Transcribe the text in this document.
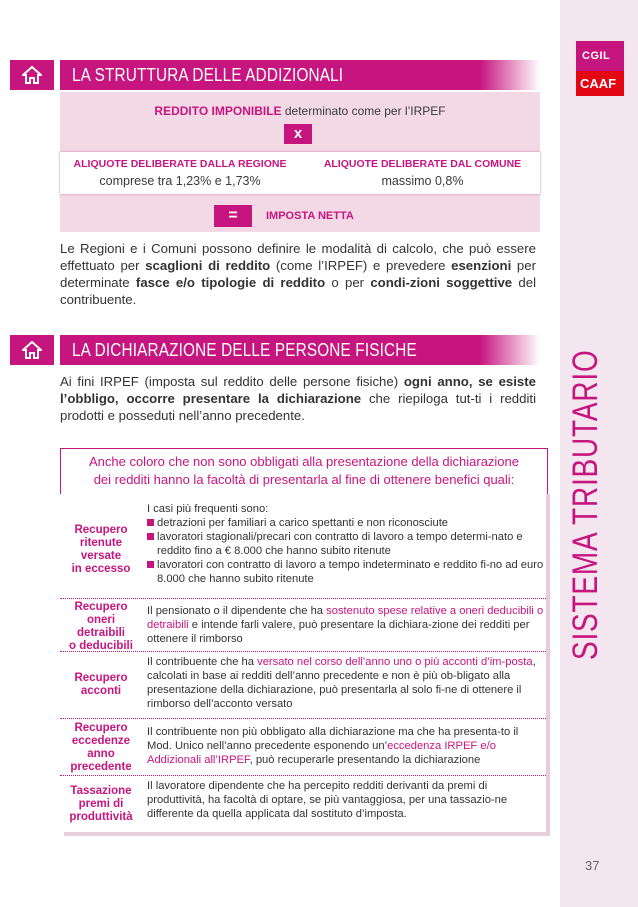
CGIL
CAAF
SISTEMA TRIBUTARIO
37
LA STRUTTURA DELLE ADDIZIONALI
REDDITO IMPONIBILE determinato come per l’IRPEF
x
ALIQUOTE DELIBERATE DALLA REGIONE
comprese tra 1,23% e 1,73%
ALIQUOTE DELIBERATE DAL COMUNE
massimo 0,8%
=	IMPOSTA NETTA
Le Regioni e i Comuni possono definire le modalità di calcolo, che può essere effettuato per scaglioni di reddito (come l’IRPEF) e prevedere esenzioni per determinate fasce e/o tipologie di reddito o per condi-zioni soggettive del contribuente.
LA DICHIARAZIONE DELLE PERSONE FISICHE
Ai fini IRPEF (imposta sul reddito delle persone fisiche) ogni anno, se esiste l’obbligo, occorre presentare la dichiarazione che riepiloga tut-ti i redditi prodotti e posseduti nell’anno precedente.
Anche coloro che non sono obbligati alla presentazione della dichiarazione
dei redditi hanno la facoltà di presentarla al fine di ottenere benefici quali:
Recupero
ritenute
versate
in eccesso
I casi più frequenti sono:
detrazioni per familiari a carico spettanti e non riconosciute
lavoratori stagionali/precari con contratto di lavoro a tempo determi-nato e reddito fino a € 8.000 che hanno subito ritenute
lavoratori con contratto di lavoro a tempo indeterminato e reddito fi-no ad euro 8.000 che hanno subito ritenute
Recupero
oneri
detraibili
o deducibili
Il pensionato o il dipendente che ha sostenuto spese relative a oneri deducibili o detraibili e intende farli valere, può presentare la dichiara-zione dei redditi per ottenere il rimborso
Recupero
acconti
Il contribuente che ha versato nel corso dell’anno uno o più acconti d’im-posta, calcolati in base ai redditi dell’anno precedente e non è più ob-bligato alla presentazione della dichiarazione, può presentarla al solo fi-ne di ottenere il rimborso dell’acconto versato
Recupero
eccedenze
anno
precedente
Il contribuente non più obbligato alla dichiarazione ma che ha presenta-to il Mod. Unico nell’anno precedente esponendo un’eccedenza IRPEF e/o Addizionali all’IRPEF, può recuperarle presentando la dichiarazione
Tassazione
premi di
produttività
Il lavoratore dipendente che ha percepito redditi derivanti da premi di produttività, ha facoltà di optare, se più vantaggiosa, per una tassazio-ne differente da quella applicata dal sostituto d’imposta.
